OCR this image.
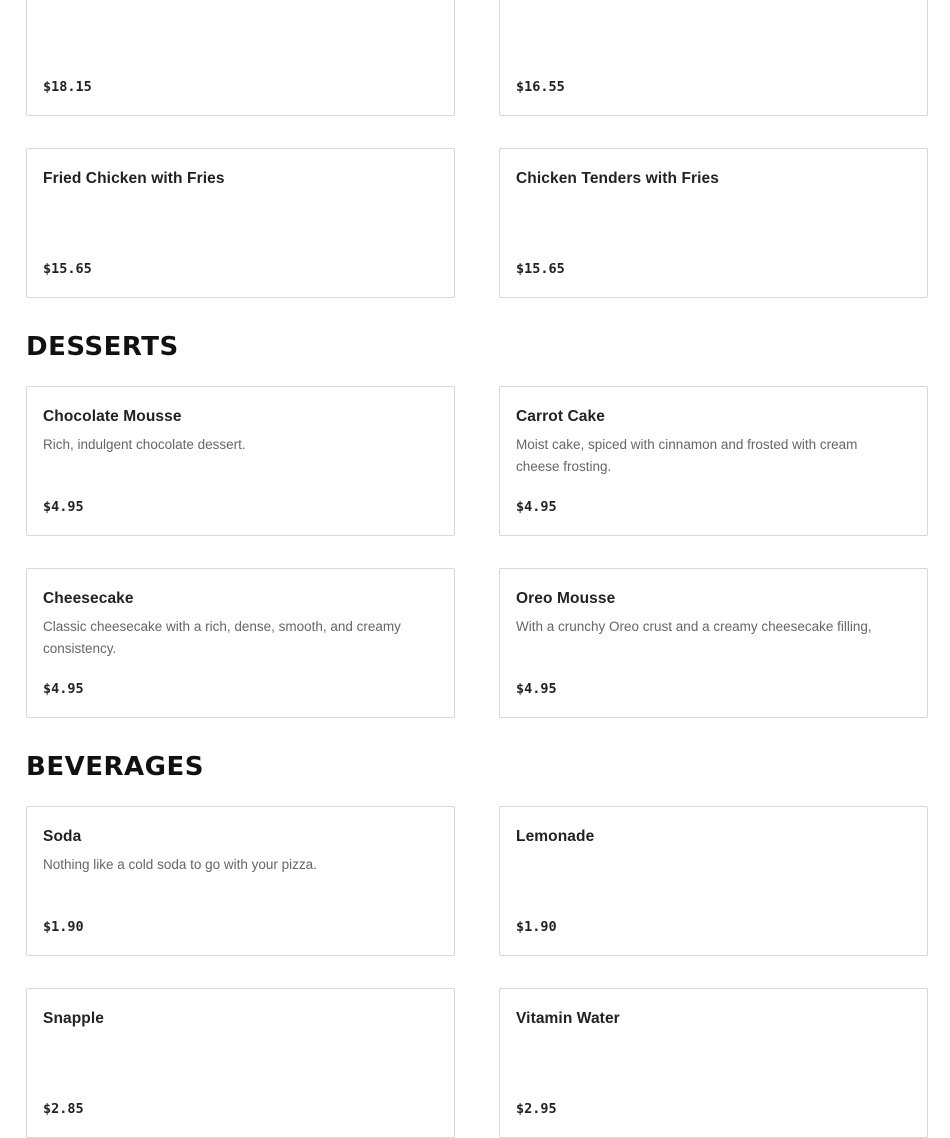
$18.15	$16.55
Fried Chicken with Fries
$15.65
Chicken Tenders with Fries
$15.65
DESSERTS
Chocolate Mousse
Rich, indulgent chocolate dessert.
$4.95
Carrot Cake
Moist cake, spiced with cinnamon and frosted with cream cheese frosting.
$4.95
Cheesecake
Classic cheesecake with a rich, dense, smooth, and creamy consistency.
$4.95
Oreo Mousse
With a crunchy Oreo crust and a creamy cheesecake filling,
$4.95
BEVERAGES
Soda
Nothing like a cold soda to go with your pizza.
$1.90
Lemonade
$1.90
Snapple
$2.85
Vitamin Water
$2.95
